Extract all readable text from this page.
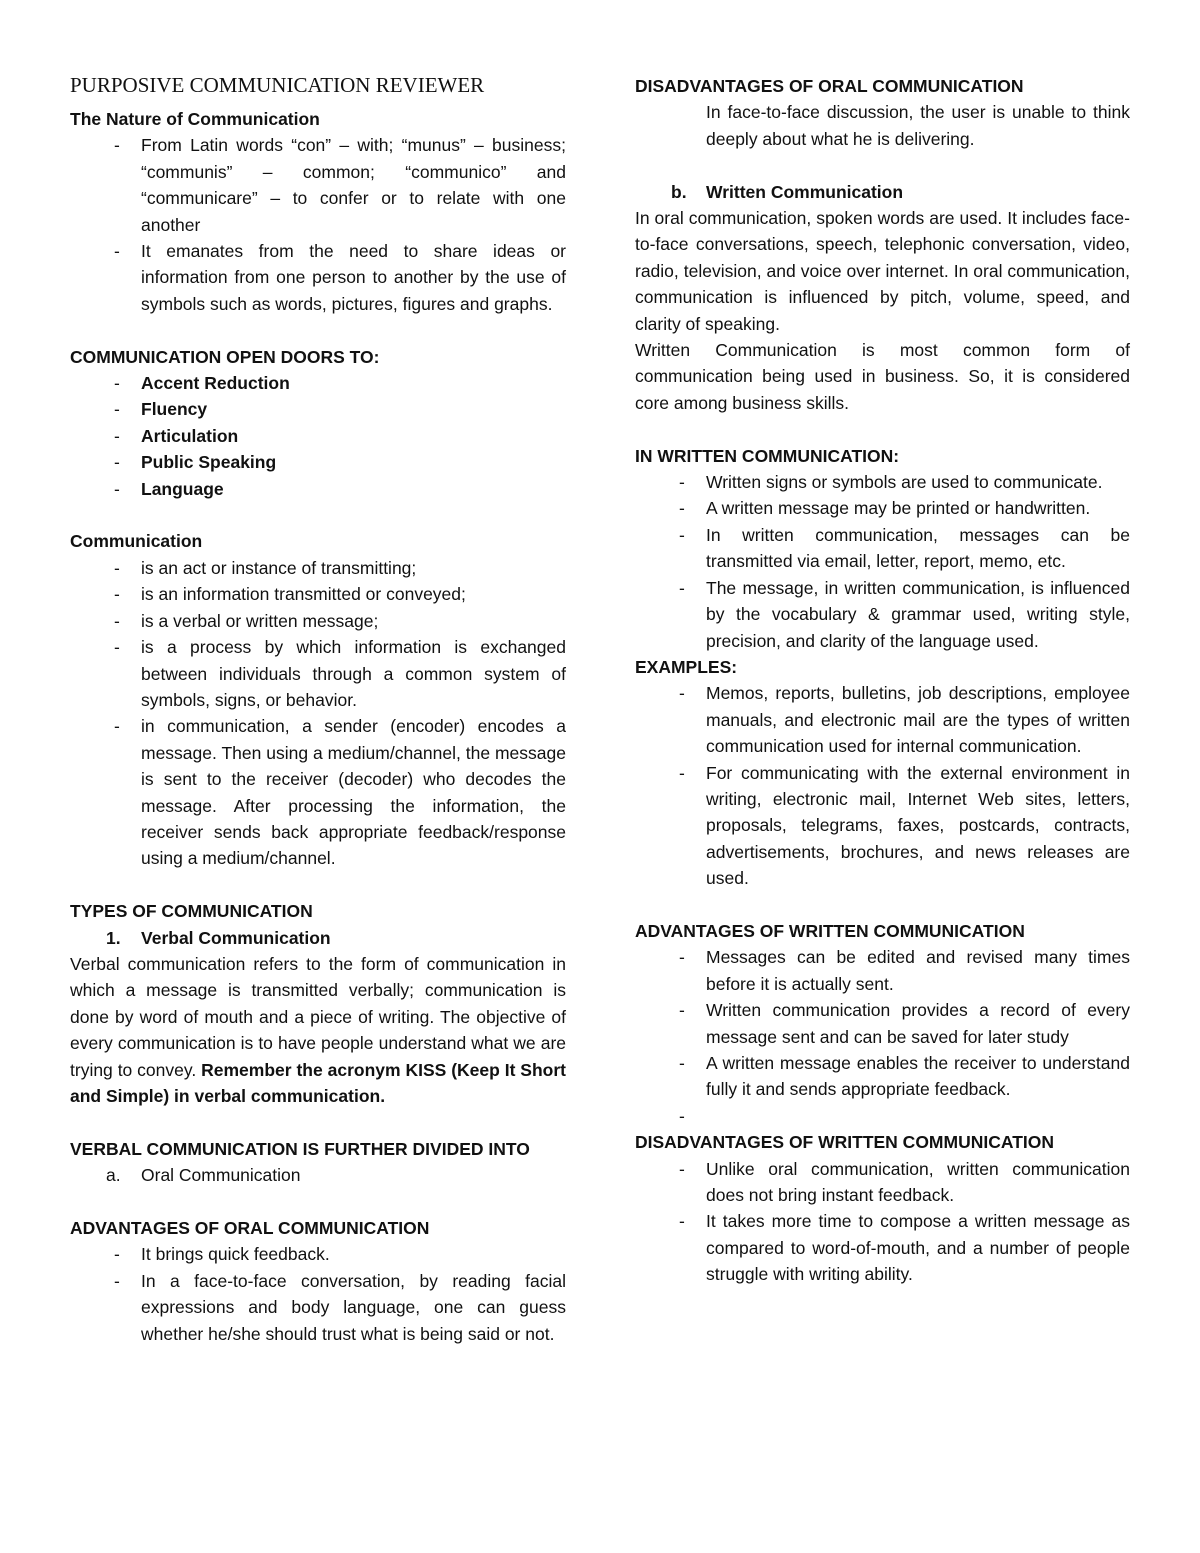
PURPOSIVE COMMUNICATION REVIEWER

The Nature of Communication

- From Latin words “con” – with; “munus” – business; “communis” – common; “communico” and “communicare” – to confer or to relate with one another
- It emanates from the need to share ideas or information from one person to another by the use of symbols such as words, pictures, figures and graphs.

COMMUNICATION OPEN DOORS TO:

- Accent Reduction
- Fluency
- Articulation
- Public Speaking
- Language

Communication

- is an act or instance of transmitting;
- is an information transmitted or conveyed;
- is a verbal or written message;
- is a process by which information is exchanged between individuals through a common system of symbols, signs, or behavior.
- in communication, a sender (encoder) encodes a message. Then using a medium/channel, the message is sent to the receiver (decoder) who decodes the message. After processing the information, the receiver sends back appropriate feedback/response using a medium/channel.

TYPES OF COMMUNICATION

1. Verbal Communication

Verbal communication refers to the form of communication in which a message is transmitted verbally; communication is done by word of mouth and a piece of writing. The objective of every communication is to have people understand what we are trying to convey. Remember the acronym KISS (Keep It Short and Simple) in verbal communication.

VERBAL COMMUNICATION IS FURTHER DIVIDED INTO

a. Oral Communication

ADVANTAGES OF ORAL COMMUNICATION

- It brings quick feedback.
- In a face-to-face conversation, by reading facial expressions and body language, one can guess whether he/she should trust what is being said or not.

DISADVANTAGES OF ORAL COMMUNICATION

In face-to-face discussion, the user is unable to think deeply about what he is delivering.

b. Written Communication

In oral communication, spoken words are used. It includes face-to-face conversations, speech, telephonic conversation, video, radio, television, and voice over internet. In oral communication, communication is influenced by pitch, volume, speed, and clarity of speaking.

Written Communication is most common form of communication being used in business. So, it is considered core among business skills.

IN WRITTEN COMMUNICATION:

- Written signs or symbols are used to communicate.
- A written message may be printed or handwritten.
- In written communication, messages can be transmitted via email, letter, report, memo, etc.
- The message, in written communication, is influenced by the vocabulary & grammar used, writing style, precision, and clarity of the language used.

EXAMPLES:

- Memos, reports, bulletins, job descriptions, employee manuals, and electronic mail are the types of written communication used for internal communication.
- For communicating with the external environment in writing, electronic mail, Internet Web sites, letters, proposals, telegrams, faxes, postcards, contracts, advertisements, brochures, and news releases are used.

ADVANTAGES OF WRITTEN COMMUNICATION

- Messages can be edited and revised many times before it is actually sent.
- Written communication provides a record of every message sent and can be saved for later study
- A written message enables the receiver to understand fully it and sends appropriate feedback.
-

DISADVANTAGES OF WRITTEN COMMUNICATION

- Unlike oral communication, written communication does not bring instant feedback.
- It takes more time to compose a written message as compared to word-of-mouth, and a number of people struggle with writing ability.
